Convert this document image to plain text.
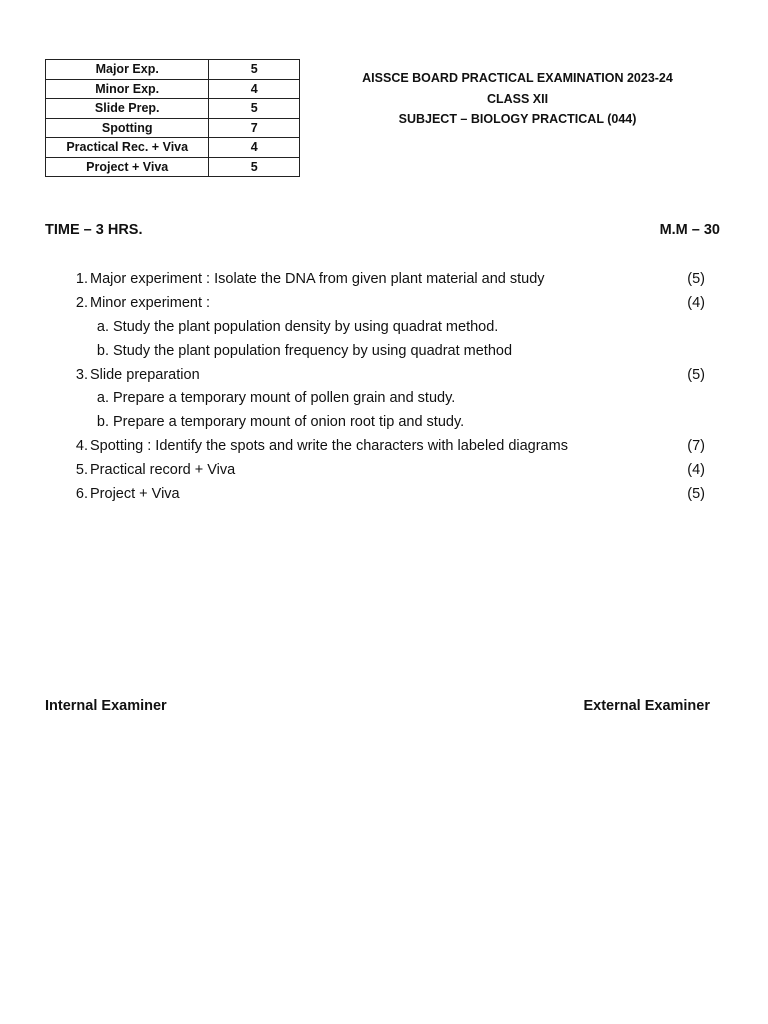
Major Exp.	5
Minor Exp.	4
Slide Prep.	5
Spotting	7
Practical Rec. + Viva	4
Project + Viva	5
AISSCE BOARD PRACTICAL EXAMINATION 2023-24
CLASS XII
SUBJECT – BIOLOGY PRACTICAL (044)
TIME – 3 HRS.	M.M – 30
1. Major experiment : Isolate the DNA from given plant material and study	(5)
2. Minor experiment :	(4)
a. Study the plant population density by using quadrat method.
b. Study the plant population frequency by using quadrat method
3. Slide preparation	(5)
a. Prepare a temporary mount of pollen grain and study.
b. Prepare a temporary mount of onion root tip and study.
4. Spotting : Identify the spots and write the characters with labeled diagrams	(7)
5. Practical record + Viva	(4)
6. Project + Viva	(5)
Internal Examiner	External Examiner
